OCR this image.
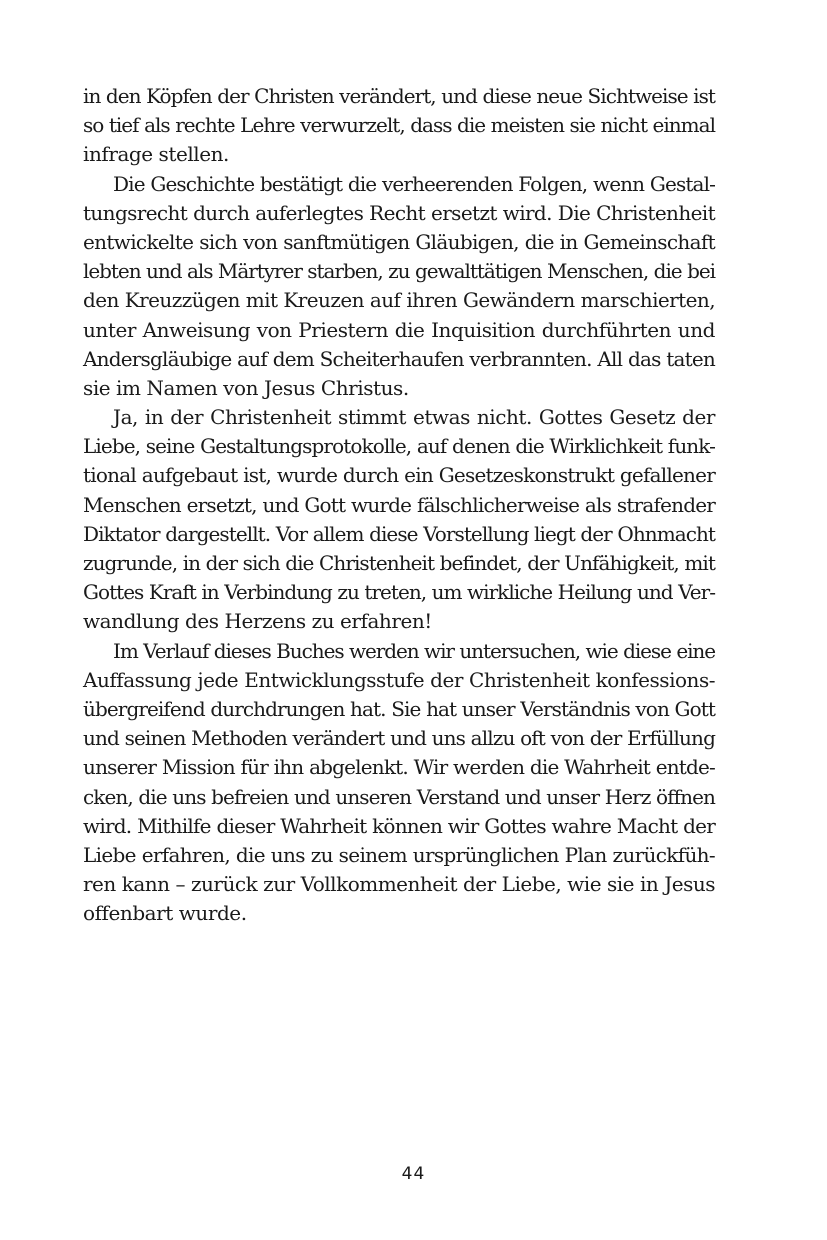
in den Köpfen der Christen verändert, und diese neue Sichtweise ist
so tief als rechte Lehre verwurzelt, dass die meisten sie nicht einmal
infrage stellen.
Die Geschichte bestätigt die verheerenden Folgen, wenn Gestal-
tungsrecht durch auferlegtes Recht ersetzt wird. Die Christenheit
entwickelte sich von sanftmütigen Gläubigen, die in Gemeinschaft
lebten und als Märtyrer starben, zu gewalttätigen Menschen, die bei
den Kreuzzügen mit Kreuzen auf ihren Gewändern marschierten,
unter Anweisung von Priestern die Inquisition durchführten und
Andersgläubige auf dem Scheiterhaufen verbrannten. All das taten
sie im Namen von Jesus Christus.
Ja, in der Christenheit stimmt etwas nicht. Gottes Gesetz der
Liebe, seine Gestaltungsprotokolle, auf denen die Wirklichkeit funk-
tional aufgebaut ist, wurde durch ein Gesetzeskonstrukt gefallener
Menschen ersetzt, und Gott wurde fälschlicherweise als strafender
Diktator dargestellt. Vor allem diese Vorstellung liegt der Ohnmacht
zugrunde, in der sich die Christenheit befindet, der Unfähigkeit, mit
Gottes Kraft in Verbindung zu treten, um wirkliche Heilung und Ver-
wandlung des Herzens zu erfahren!
Im Verlauf dieses Buches werden wir untersuchen, wie diese eine
Auffassung jede Entwicklungsstufe der Christenheit konfessions-
übergreifend durchdrungen hat. Sie hat unser Verständnis von Gott
und seinen Methoden verändert und uns allzu oft von der Erfüllung
unserer Mission für ihn abgelenkt. Wir werden die Wahrheit entde-
cken, die uns befreien und unseren Verstand und unser Herz öffnen
wird. Mithilfe dieser Wahrheit können wir Gottes wahre Macht der
Liebe erfahren, die uns zu seinem ursprünglichen Plan zurückfüh-
ren kann – zurück zur Vollkommenheit der Liebe, wie sie in Jesus
offenbart wurde.
44
